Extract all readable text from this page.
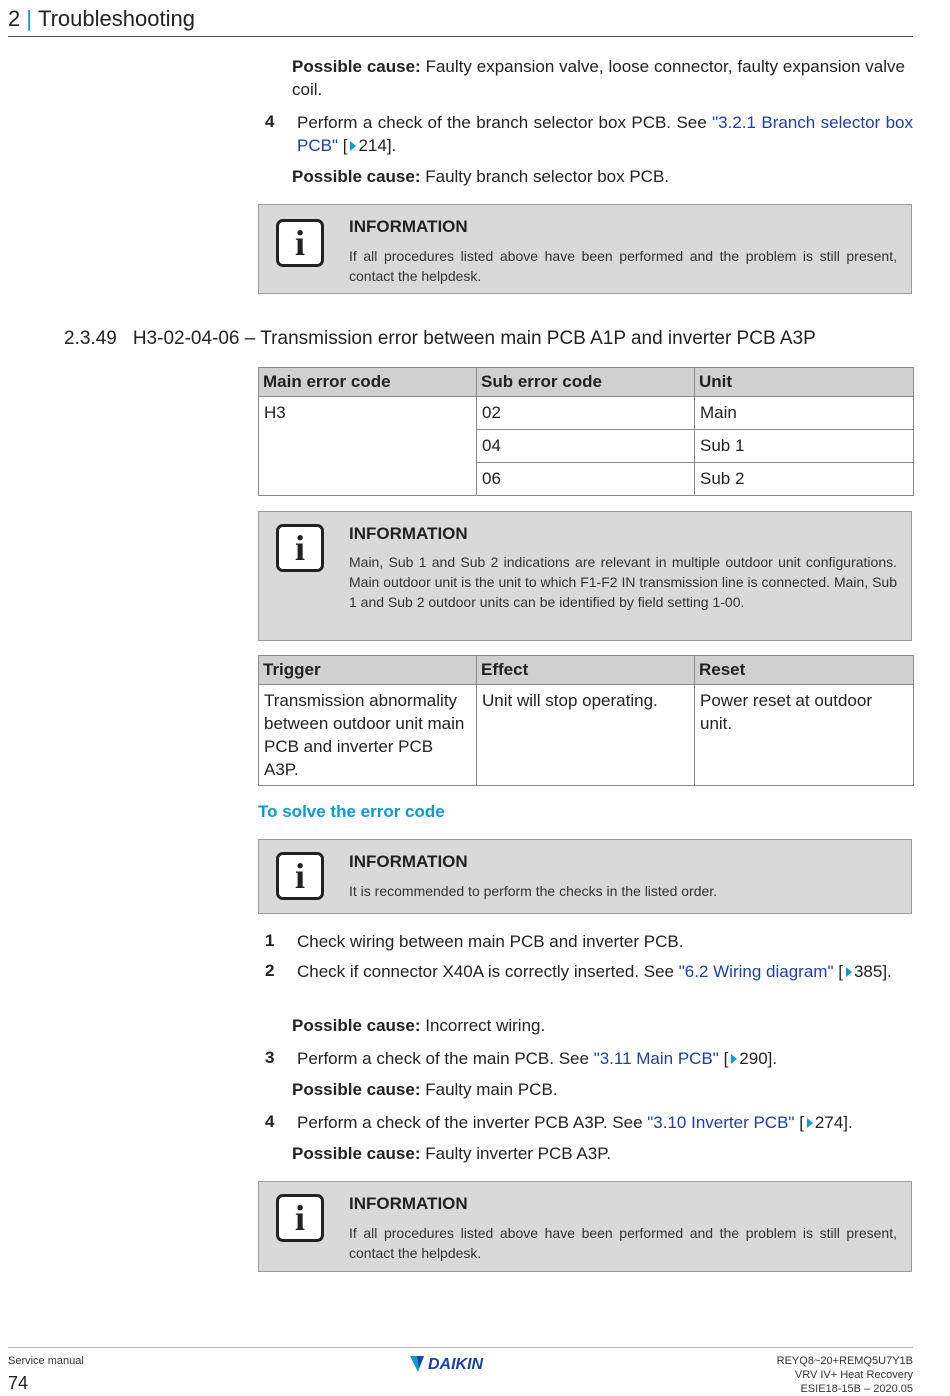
2 | Troubleshooting
Possible cause: Faulty expansion valve, loose connector, faulty expansion valve coil.
4 Perform a check of the branch selector box PCB. See "3.2.1 Branch selector box PCB" [ 214].
Possible cause: Faulty branch selector box PCB.
i	INFORMATION
If all procedures listed above have been performed and the problem is still present, contact the helpdesk.
2.3.49 H3-02-04-06 – Transmission error between main PCB A1P and inverter PCB A3P
Main error code	Sub error code	Unit
H3	02	Main
	04	Sub 1
	06	Sub 2
i	INFORMATION
Main, Sub 1 and Sub 2 indications are relevant in multiple outdoor unit configurations. Main outdoor unit is the unit to which F1-F2 IN transmission line is connected. Main, Sub 1 and Sub 2 outdoor units can be identified by field setting 1-00.
Trigger	Effect	Reset
Transmission abnormality between outdoor unit main PCB and inverter PCB A3P.	Unit will stop operating.	Power reset at outdoor unit.
To solve the error code
i	INFORMATION
It is recommended to perform the checks in the listed order.
1 Check wiring between main PCB and inverter PCB.
2 Check if connector X40A is correctly inserted. See "6.2 Wiring diagram" [ 385].
Possible cause: Incorrect wiring.
3 Perform a check of the main PCB. See "3.11 Main PCB" [ 290].
Possible cause: Faulty main PCB.
4 Perform a check of the inverter PCB A3P. See "3.10 Inverter PCB" [ 274].
Possible cause: Faulty inverter PCB A3P.
i	INFORMATION
If all procedures listed above have been performed and the problem is still present, contact the helpdesk.
Service manual
74
DAIKIN	REYQ8~20+REMQ5U7Y1B
VRV IV+ Heat Recovery
ESIE18-15B – 2020.05
